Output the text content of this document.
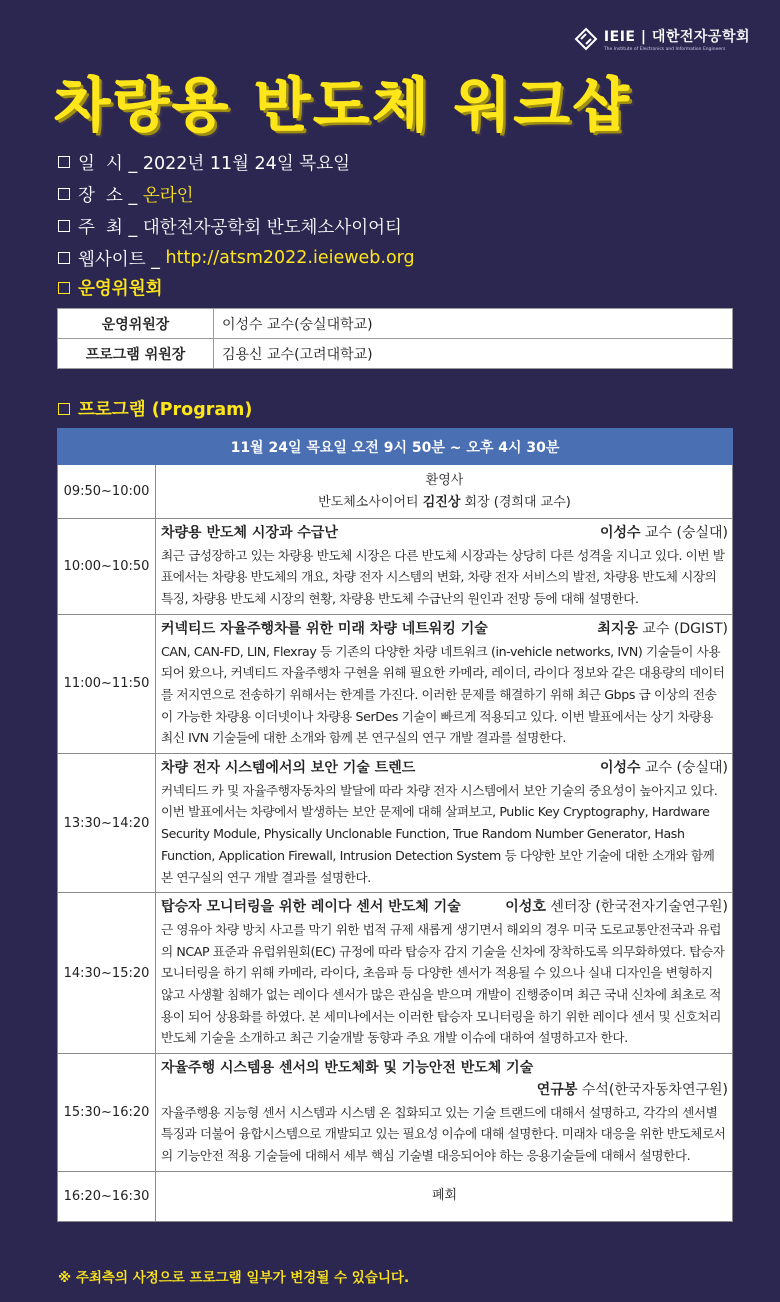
IEIE | 대한전자공학회
The Institute of Electronics and Information Engineers
차량용 반도체 워크샵
일  시 _ 2022년 11월 24일 목요일
장  소 _ 온라인
주  최 _ 대한전자공학회 반도체소사이어티
웹사이트 _ http://atsm2022.ieieweb.org
운영위원회
운영위원장	이성수 교수(숭실대학교)
프로그램 위원장	김용신 교수(고려대학교)
프로그램 (Program)
11월 24일 목요일 오전 9시 50분 ~ 오후 4시 30분	
09:50~10:00	환영사
반도체소사이어티 김진상 회장 (경희대 교수)

10:00~10:50	차량용 반도체 시장과 수급난 이성수 교수 (숭실대)
최근 급성장하고 있는 차량용 반도체 시장은 다른 반도체 시장과는 상당히 다른 성격을 지니고 있다. 이번 발표에서는 차량용 반도체의 개요, 차량 전자 시스템의 변화, 차량 전자 서비스의 발전, 차량용 반도체 시장의 특징, 차량용 반도체 시장의 현황, 차량용 반도체 수급난의 원인과 전망 등에 대해 설명한다.

11:00~11:50	커넥티드 자율주행차를 위한 미래 차량 네트워킹 기술 최지웅 교수 (DGIST)
CAN, CAN-FD, LIN, Flexray 등 기존의 다양한 차량 네트워크 (in-vehicle networks, IVN) 기술들이 사용되어 왔으나, 커넥티드 자율주행차 구현을 위해 필요한 카메라, 레이더, 라이다 정보와 같은 대용량의 데이터를 저지연으로 전송하기 위해서는 한계를 가진다. 이러한 문제를 해결하기 위해 최근 Gbps 급 이상의 전송이 가능한 차량용 이더넷이나 차량용 SerDes 기술이 빠르게 적용되고 있다. 이번 발표에서는 상기 차량용 최신 IVN 기술들에 대한 소개와 함께 본 연구실의 연구 개발 결과를 설명한다.

13:30~14:20	차량 전자 시스템에서의 보안 기술 트렌드 이성수 교수 (숭실대)
커넥티드 카 및 자율주행자동차의 발달에 따라 차량 전자 시스템에서 보안 기술의 중요성이 높아지고 있다. 이번 발표에서는 차량에서 발생하는 보안 문제에 대해 살펴보고, Public Key Cryptography, Hardware Security Module, Physically Unclonable Function, True Random Number Generator, Hash Function, Application Firewall, Intrusion Detection System 등 다양한 보안 기술에 대한 소개와 함께 본 연구실의 연구 개발 결과를 설명한다.

14:30~15:20	탑승자 모니터링을 위한 레이다 센서 반도체 기술 이성호 센터장 (한국전자기술연구원)
근 영유아 차량 방치 사고를 막기 위한 법적 규제 새롭게 생기면서 해외의 경우 미국 도로교통안전국과 유럽의 NCAP 표준과 유럽위원회(EC) 규정에 따라 탑승자 감지 기술을 신차에 장착하도록 의무화하였다. 탑승자 모니터링을 하기 위해 카메라, 라이다, 초음파 등 다양한 센서가 적용될 수 있으나 실내 디자인을 변형하지 않고 사생활 침해가 없는 레이다 센서가 많은 관심을 받으며 개발이 진행중이며 최근 국내 신차에 최초로 적용이 되어 상용화를 하였다. 본 세미나에서는 이러한 탑승자 모니터링을 하기 위한 레이다 센서 및 신호처리 반도체 기술을 소개하고 최근 기술개발 동향과 주요 개발 이슈에 대하여 설명하고자 한다.

15:30~16:20	자율주행 시스템용 센서의 반도체화 및 기능안전 반도체 기술
연규봉 수석(한국자동차연구원)
자율주행용 지능형 센서 시스템과 시스템 온 칩화되고 있는 기술 트랜드에 대해서 설명하고, 각각의 센서별 특징과 더불어 융합시스템으로 개발되고 있는 필요성 이슈에 대해 설명한다. 미래차 대응을 위한 반도체로서의 기능안전 적용 기술들에 대해서 세부 핵심 기술별 대응되어야 하는 응용기술들에 대해서 설명한다.

16:20~16:30	폐회
※ 주최측의 사정으로 프로그램 일부가 변경될 수 있습니다.
